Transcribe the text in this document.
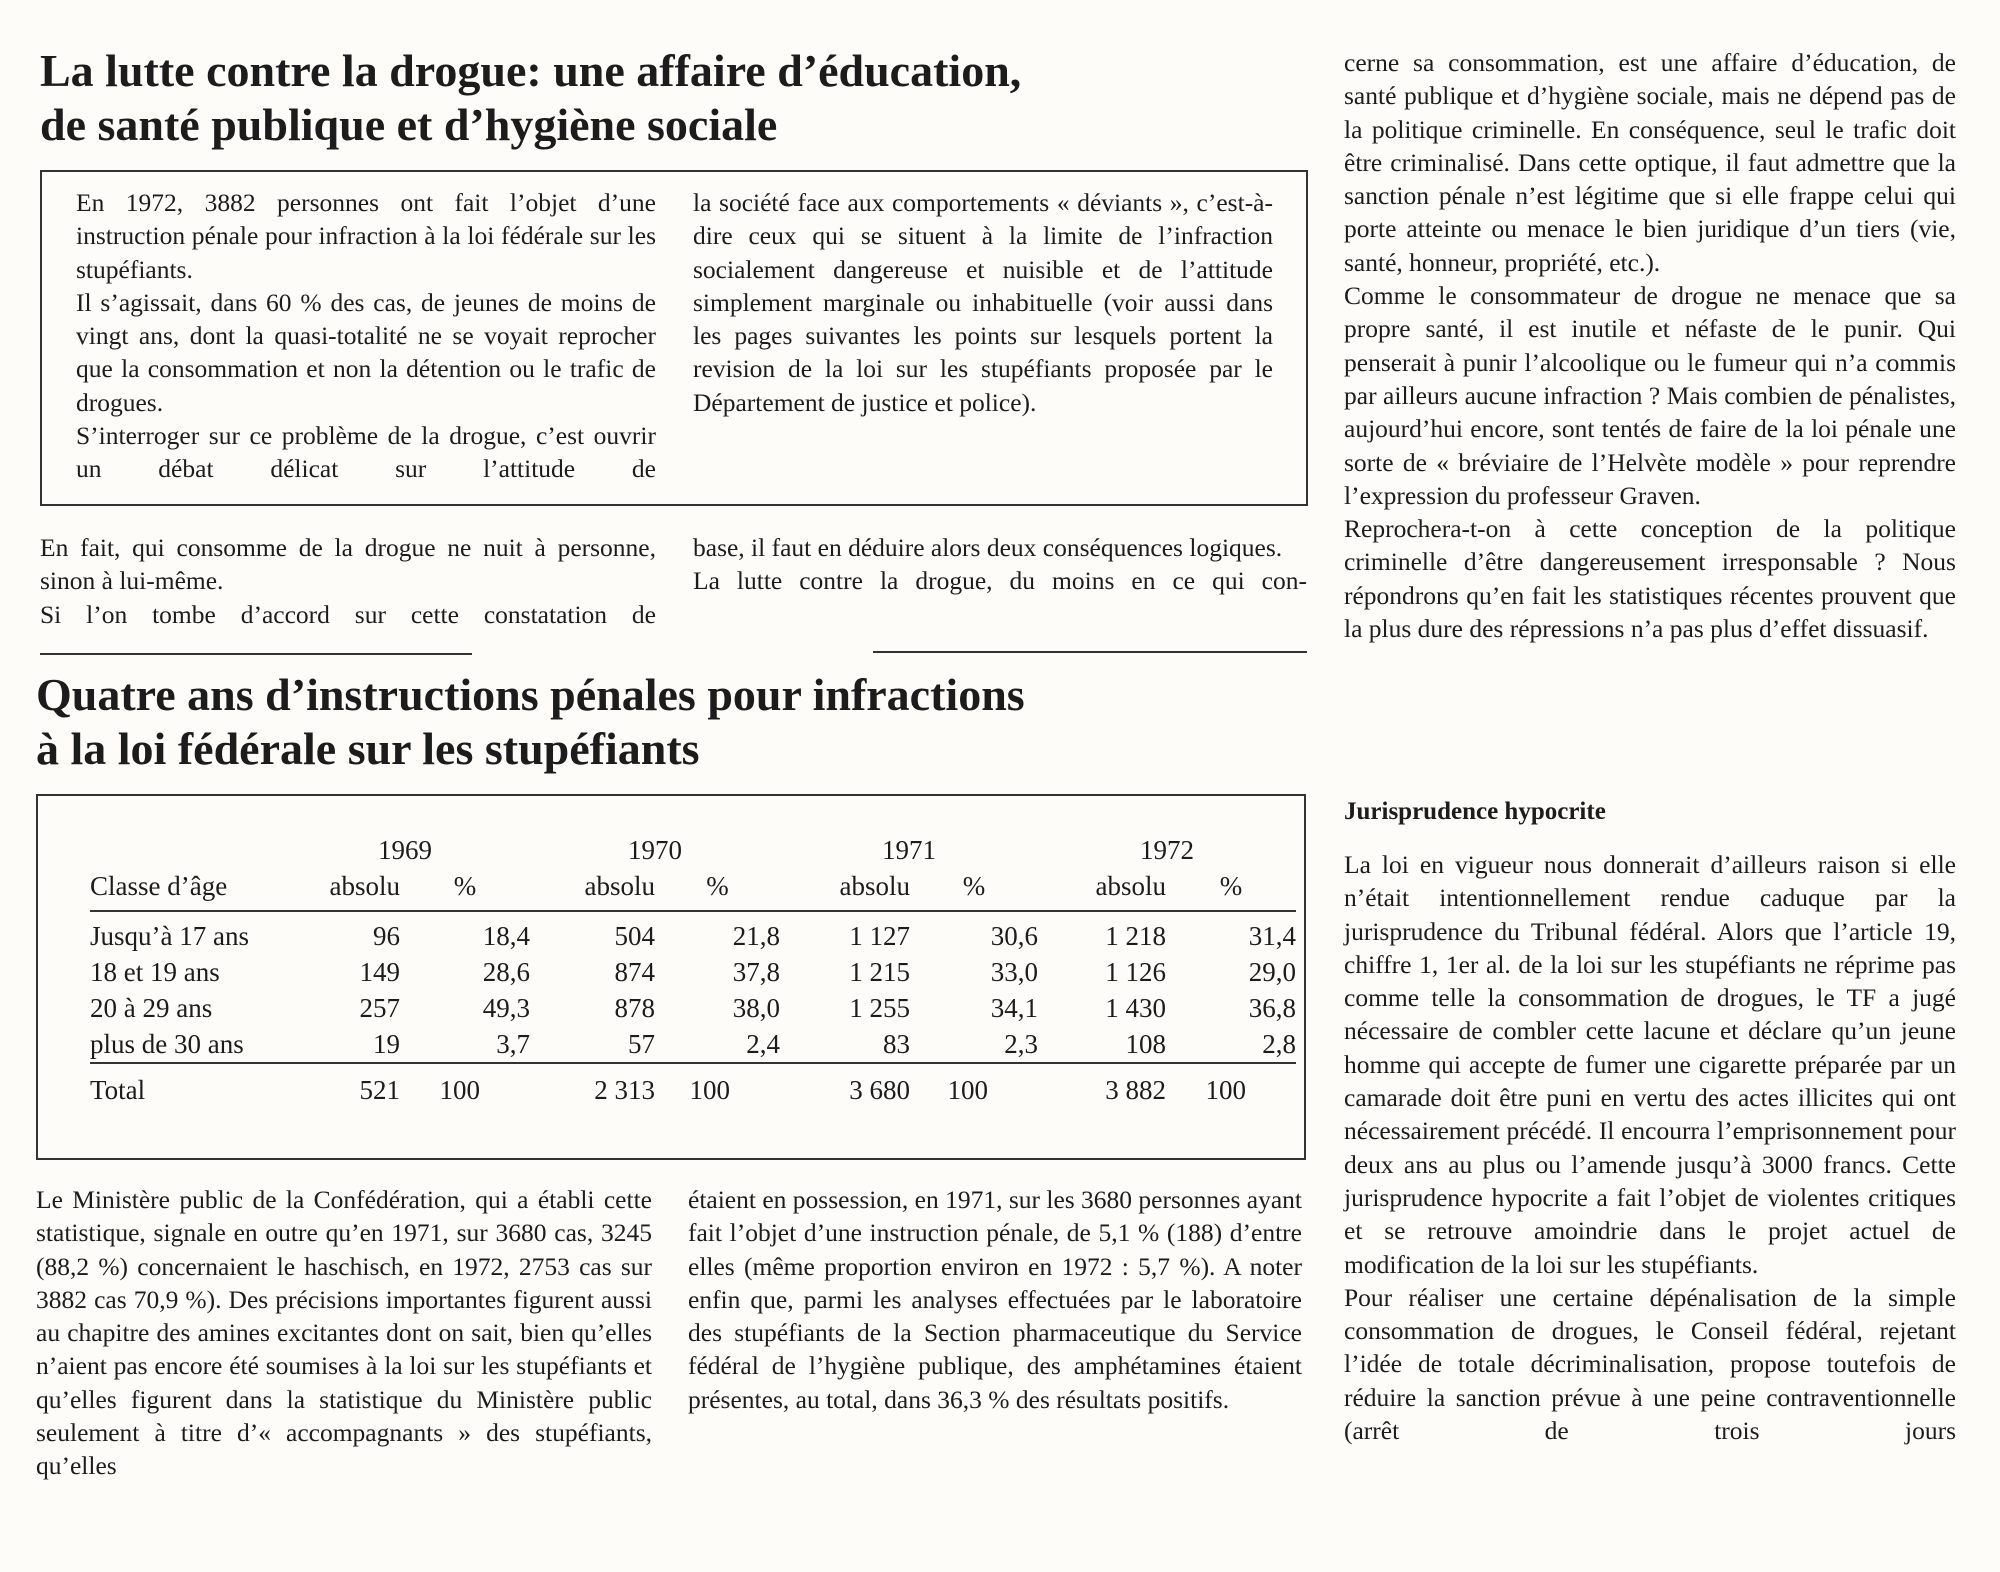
La lutte contre la drogue: une affaire d’éducation,

de santé publique et d’hygiène sociale

En 1972, 3882 personnes ont fait l’objet d’une instruction pénale pour infraction à la loi fédérale sur les stupéfiants.

Il s’agissait, dans 60 % des cas, de jeunes de moins de vingt ans, dont la quasi-totalité ne se voyait reprocher que la consommation et non la détention ou le trafic de drogues.

S’interroger sur ce problème de la drogue, c’est ouvrir un débat délicat sur l’attitude de

la société face aux comportements « déviants », c’est-à-dire ceux qui se situent à la limite de l’infraction socialement dangereuse et nuisible et de l’attitude simplement marginale ou inhabituelle (voir aussi dans les pages suivantes les points sur lesquels portent la revision de la loi sur les stupéfiants proposée par le Département de justice et police).

En fait, qui consomme de la drogue ne nuit à personne, sinon à lui-même.

Si l’on tombe d’accord sur cette constatation de

base, il faut en déduire alors deux conséquences logiques.

La lutte contre la drogue, du moins en ce qui con-

Quatre ans d’instructions pénales pour infractions

à la loi fédérale sur les stupéfiants

	1969		1970		1971		1972	
Classe d’âge	absolu	%	absolu	%	absolu	%	absolu	%
Jusqu’à 17 ans	96	18,4	504	21,8	1 127	30,6	1 218	31,4
18 et 19 ans	149	28,6	874	37,8	1 215	33,0	1 126	29,0
20 à 29 ans	257	49,3	878	38,0	1 255	34,1	1 430	36,8
plus de 30 ans	19	3,7	57	2,4	83	2,3	108	2,8
Total	521	100	2 313	100	3 680	100	3 882	100

Le Ministère public de la Confédération, qui a établi cette statistique, signale en outre qu’en 1971, sur 3680 cas, 3245 (88,2 %) concernaient le haschisch, en 1972, 2753 cas sur 3882 cas 70,9 %). Des précisions importantes figurent aussi au chapitre des amines excitantes dont on sait, bien qu’elles n’aient pas encore été soumises à la loi sur les stupéfiants et qu’elles figurent dans la statistique du Ministère public seulement à titre d’« accompagnants » des stupéfiants, qu’elles

étaient en possession, en 1971, sur les 3680 personnes ayant fait l’objet d’une instruction pénale, de 5,1 % (188) d’entre elles (même proportion environ en 1972 : 5,7 %). A noter enfin que, parmi les analyses effectuées par le laboratoire des stupéfiants de la Section pharmaceutique du Service fédéral de l’hygiène publique, des amphétamines étaient présentes, au total, dans 36,3 % des résultats positifs.

cerne sa consommation, est une affaire d’éducation, de santé publique et d’hygiène sociale, mais ne dépend pas de la politique criminelle. En conséquence, seul le trafic doit être criminalisé. Dans cette optique, il faut admettre que la sanction pénale n’est légitime que si elle frappe celui qui porte atteinte ou menace le bien juridique d’un tiers (vie, santé, honneur, propriété, etc.).

Comme le consommateur de drogue ne menace que sa propre santé, il est inutile et néfaste de le punir. Qui penserait à punir l’alcoolique ou le fumeur qui n’a commis par ailleurs aucune infraction ? Mais combien de pénalistes, aujourd’hui encore, sont tentés de faire de la loi pénale une sorte de « bréviaire de l’Helvète modèle » pour reprendre l’expression du professeur Graven.

Reprochera-t-on à cette conception de la politique criminelle d’être dangereusement irresponsable ? Nous répondrons qu’en fait les statistiques récentes prouvent que la plus dure des répressions n’a pas plus d’effet dissuasif.

Jurisprudence hypocrite

La loi en vigueur nous donnerait d’ailleurs raison si elle n’était intentionnellement rendue caduque par la jurisprudence du Tribunal fédéral. Alors que l’article 19, chiffre 1, 1er al. de la loi sur les stupéfiants ne réprime pas comme telle la consommation de drogues, le TF a jugé nécessaire de combler cette lacune et déclare qu’un jeune homme qui accepte de fumer une cigarette préparée par un camarade doit être puni en vertu des actes illicites qui ont nécessairement précédé. Il encourra l’emprisonnement pour deux ans au plus ou l’amende jusqu’à 3000 francs. Cette jurisprudence hypocrite a fait l’objet de violentes critiques et se retrouve amoindrie dans le projet actuel de modification de la loi sur les stupéfiants.

Pour réaliser une certaine dépénalisation de la simple consommation de drogues, le Conseil fédéral, rejetant l’idée de totale décriminalisation, propose toutefois de réduire la sanction prévue à une peine contraventionnelle (arrêt de trois jours
